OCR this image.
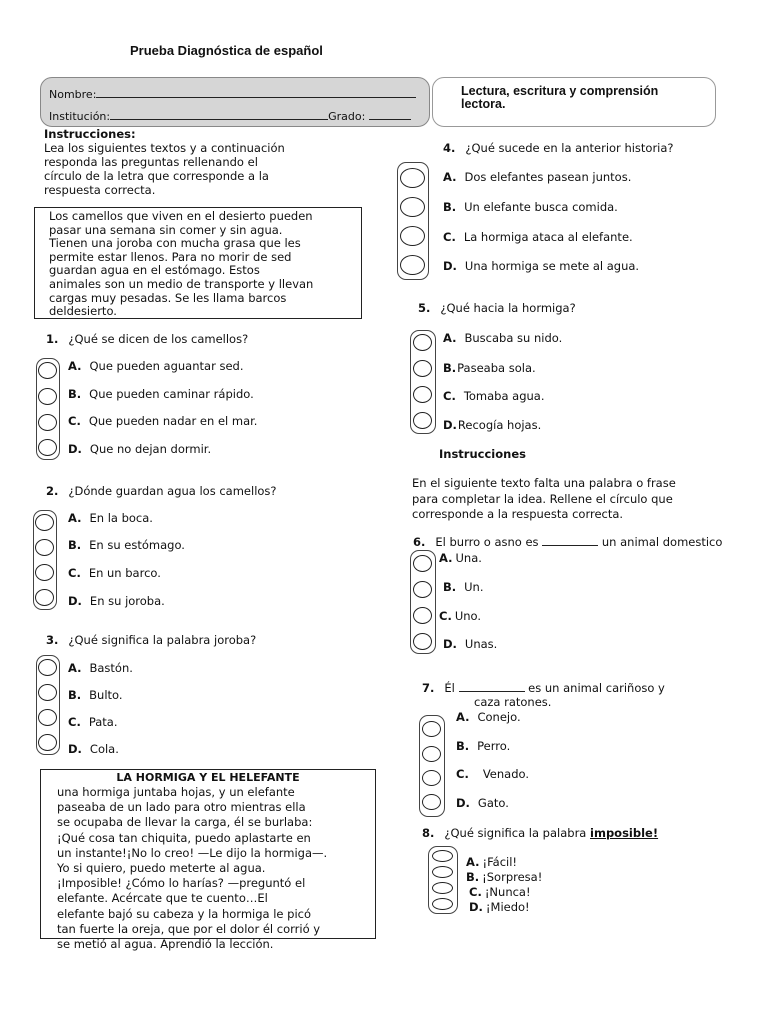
Prueba Diagnóstica de español
Nombre:
Institución:	Grado:
Lectura, escritura y comprensión lectora.
Instrucciones:
Lea los siguientes textos y a continuación
responda las preguntas rellenando el
círculo de la letra que corresponde a la
respuesta correcta.
Los camellos que viven en el desierto pueden
pasar una semana sin comer y sin agua.
Tienen una joroba con mucha grasa que les
permite estar llenos. Para no morir de sed
guardan agua en el estómago. Estos
animales son un medio de transporte y llevan
cargas muy pesadas. Se les llama barcos
deldesierto.
1. ¿Qué se dicen de los camellos?
A. Que pueden aguantar sed.
B. Que pueden caminar rápido.
C. Que pueden nadar en el mar.
D. Que no dejan dormir.
2. ¿Dónde guardan agua los camellos?
A. En la boca.
B. En su estómago.
C. En un barco.
D. En su joroba.
3. ¿Qué significa la palabra joroba?
A. Bastón.
B. Bulto.
C. Pata.
D. Cola.
LA HORMIGA Y EL HELEFANTE
una hormiga juntaba hojas, y un elefante
paseaba de un lado para otro mientras ella
se ocupaba de llevar la carga, él se burlaba:
¡Qué cosa tan chiquita, puedo aplastarte en
un instante!¡No lo creo! —Le dijo la hormiga—.
Yo si quiero, puedo meterte al agua.
¡Imposible! ¿Cómo lo harías? —preguntó el
elefante. Acércate que te cuento…El
elefante bajó su cabeza y la hormiga le picó
tan fuerte la oreja, que por el dolor él corrió y
se metió al agua. Aprendió la lección.
4. ¿Qué sucede en la anterior historia?
A. Dos elefantes pasean juntos.
B. Un elefante busca comida.
C. La hormiga ataca al elefante.
D. Una hormiga se mete al agua.
5. ¿Qué hacia la hormiga?
A. Buscaba su nido.
B.Paseaba sola.
C. Tomaba agua.
D.Recogía hojas.
Instrucciones
En el siguiente texto falta una palabra o frase
para completar la idea. Rellene el círculo que
corresponde a la respuesta correcta.
6. El burro o asno es	un animal domestico
A. Una.
B. Un.
C. Uno.
D. Unas.
7. Él	es un animal cariñoso y
caza ratones.
A. Conejo.
B. Perro.
C. Venado.
D. Gato.
8. ¿Qué significa la palabra imposible!
A. ¡Fácil!
B. ¡Sorpresa!
C. ¡Nunca!
D. ¡Miedo!
